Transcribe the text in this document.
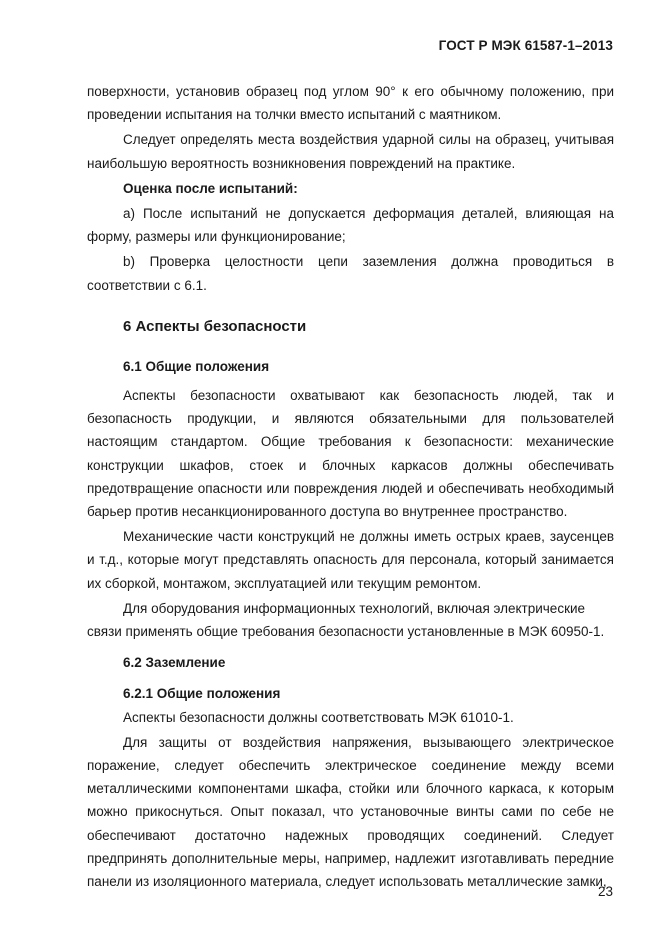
ГОСТ Р МЭК 61587-1–2013

поверхности, установив образец под углом 90° к его обычному положению, при проведении испытания на толчки вместо испытаний с маятником.

Следует определять места воздействия ударной силы на образец, учитывая наибольшую вероятность возникновения повреждений на практике.

Оценка после испытаний:

а) После испытаний не допускается деформация деталей, влияющая на форму, размеры или функционирование;

b) Проверка целостности цепи заземления должна проводиться в соответствии с 6.1.

6 Аспекты безопасности
6.1 Общие положения

Аспекты безопасности охватывают как безопасность людей, так и безопасность продукции, и являются обязательными для пользователей настоящим стандартом. Общие требования к безопасности: механические конструкции шкафов, стоек и блочных каркасов должны обеспечивать предотвращение опасности или повреждения людей и обеспечивать необходимый барьер против несанкционированного доступа во внутреннее пространство.

Механические части конструкций не должны иметь острых краев, заусенцев и т.д., которые могут представлять опасность для персонала, который занимается их сборкой, монтажом, эксплуатацией или текущим ремонтом.

Для оборудования информационных технологий, включая электрические

связи применять общие требования безопасности установленные в МЭК 60950-1.

6.2 Заземление
6.2.1 Общие положения

Аспекты безопасности должны соответствовать МЭК 61010-1.

Для защиты от воздействия напряжения, вызывающего электрическое поражение, следует обеспечить электрическое соединение между всеми металлическими компонентами шкафа, стойки или блочного каркаса, к которым можно прикоснуться. Опыт показал, что установочные винты сами по себе не обеспечивают достаточно надежных проводящих соединений. Следует предпринять дополнительные меры, например, надлежит изготавливать передние панели из изоляционного материала, следует использовать металлические замки,

23
